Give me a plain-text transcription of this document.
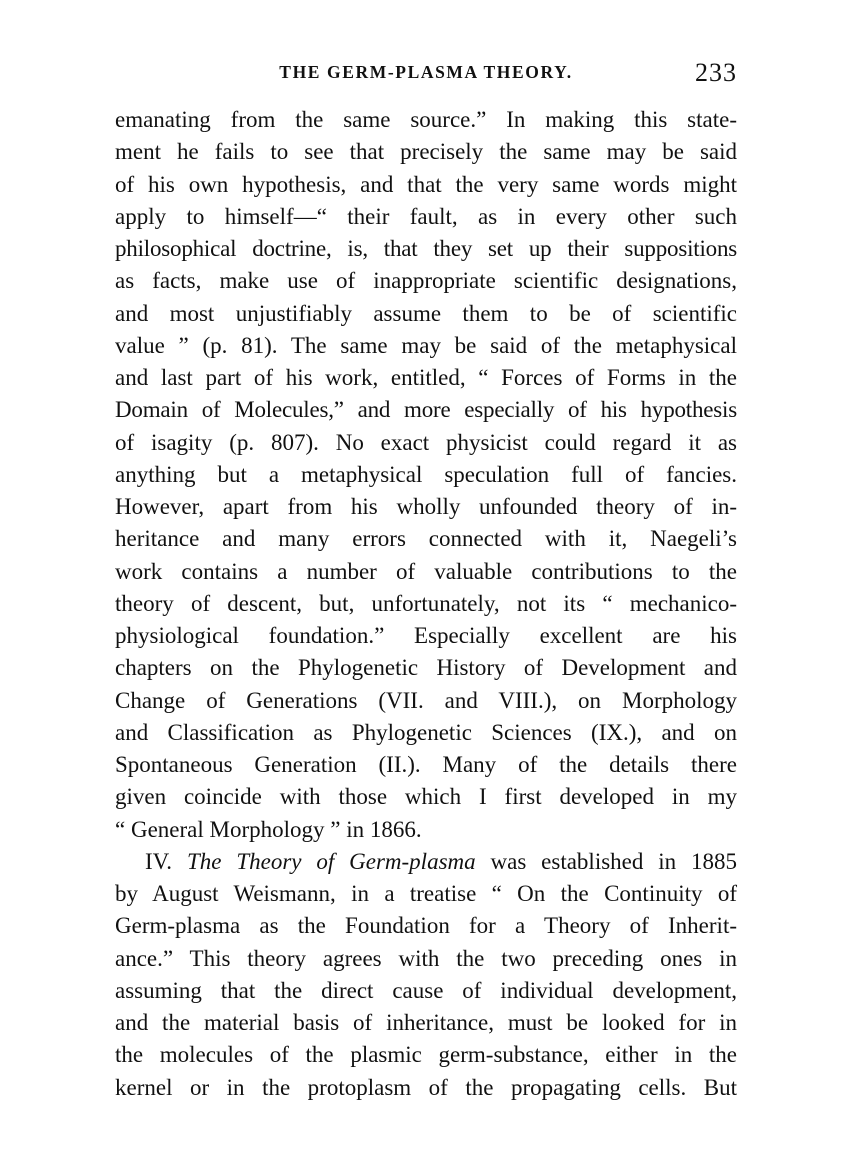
THE GERM-PLASMA THEORY.	233
emanating from the same source.” In making this state-
ment he fails to see that precisely the same may be said
of his own hypothesis, and that the very same words might
apply to himself—“ their fault, as in every other such
philosophical doctrine, is, that they set up their suppositions
as facts, make use of inappropriate scientific designations,
and most unjustifiably assume them to be of scientific
value ” (p. 81). The same may be said of the metaphysical
and last part of his work, entitled, “ Forces of Forms in the
Domain of Molecules,” and more especially of his hypothesis
of isagity (p. 807). No exact physicist could regard it as
anything but a metaphysical speculation full of fancies.
However, apart from his wholly unfounded theory of in-
heritance and many errors connected with it, Naegeli’s
work contains a number of valuable contributions to the
theory of descent, but, unfortunately, not its “ mechanico-
physiological foundation.” Especially excellent are his
chapters on the Phylogenetic History of Development and
Change of Generations (VII. and VIII.), on Morphology
and Classification as Phylogenetic Sciences (IX.), and on
Spontaneous Generation (II.). Many of the details there
given coincide with those which I first developed in my
“ General Morphology ” in 1866.
IV. The Theory of Germ-plasma was established in 1885
by August Weismann, in a treatise “ On the Continuity of
Germ-plasma as the Foundation for a Theory of Inherit-
ance.” This theory agrees with the two preceding ones in
assuming that the direct cause of individual development,
and the material basis of inheritance, must be looked for in
the molecules of the plasmic germ-substance, either in the
kernel or in the protoplasm of the propagating cells. But
